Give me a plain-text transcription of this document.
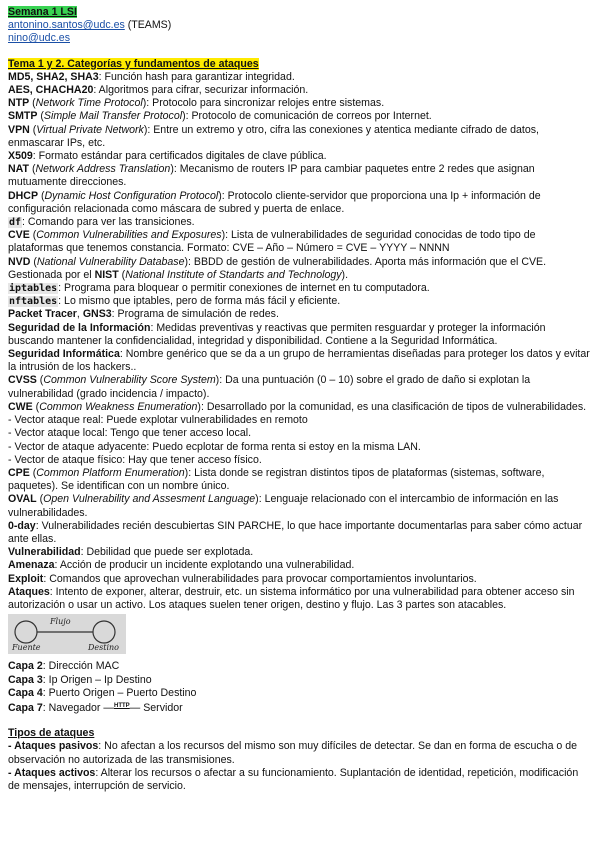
Semana 1 LSI

antonino.santos@udc.es (TEAMS)

nino@udc.es

Tema 1 y 2. Categorías y fundamentos de ataques

MD5, SHA2, SHA3: Función hash para garantizar integridad.

AES, CHACHA20: Algoritmos para cifrar, securizar información.

NTP (Network Time Protocol): Protocolo para sincronizar relojes entre sistemas.

SMTP (Simple Mail Transfer Protocol): Protocolo de comunicación de correos por Internet.

VPN (Virtual Private Network): Entre un extremo y otro, cifra las conexiones y atentica mediante cifrado de datos, enmascarar IPs, etc.

X509: Formato estándar para certificados digitales de clave pública.

NAT (Network Address Translation): Mecanismo de routers IP para cambiar paquetes entre 2 redes que asignan mutuamente direcciones.

DHCP (Dynamic Host Configuration Protocol): Protocolo cliente-servidor que proporciona una Ip + información de configuración relacionada como máscara de subred y puerta de enlace.

df: Comando para ver las transiciones.

CVE (Common Vulnerabilities and Exposures): Lista de vulnerabilidades de seguridad conocidas de todo tipo de plataformas que tenemos constancia. Formato: CVE – Año – Número = CVE – YYYY – NNNN

NVD (National Vulnerability Database): BBDD de gestión de vulnerabilidades. Aporta más información que el CVE. Gestionada por el NIST (National Institute of Standarts and Technology).

iptables: Programa para bloquear o permitir conexiones de internet en tu computadora.

nftables: Lo mismo que iptables, pero de forma más fácil y eficiente.

Packet Tracer, GNS3: Programa de simulación de redes.

Seguridad de la Información: Medidas preventivas y reactivas que permiten resguardar y proteger la información buscando mantener la confidencialidad, integridad y disponibilidad. Contiene a la Seguridad Informática.

Seguridad Informática: Nombre genérico que se da a un grupo de herramientas diseñadas para proteger los datos y evitar la intrusión de los hackers..

CVSS (Common Vulnerability Score System): Da una puntuación (0 – 10) sobre el grado de daño si explotan la vulnerabilidad (grado incidencia / impacto).

CWE (Common Weakness Enumeration): Desarrollado por la comunidad, es una clasificación de tipos de vulnerabilidades.

- Vector ataque real: Puede explotar vulnerabilidades en remoto

- Vector ataque local: Tengo que tener acceso local.

- Vector de ataque adyacente: Puedo ecplotar de forma renta si estoy en la misma LAN.

- Vector de ataque físico: Hay que tener acceso físico.

CPE (Common Platform Enumeration): Lista donde se registran distintos tipos de plataformas (sistemas, software, paquetes). Se identifican con un nombre único.

OVAL (Open Vulnerability and Assesment Language): Lenguaje relacionado con el intercambio de información en las vulnerabilidades.

0-day: Vulnerabilidades recién descubiertas SIN PARCHE, lo que hace importante documentarlas para saber cómo actuar ante ellas.

Vulnerabilidad: Debilidad que puede ser explotada.

Amenaza: Acción de producir un incidente explotando una vulnerabilidad.

Exploit: Comandos que aprovechan vulnerabilidades para provocar comportamientos involuntarios.

Ataques: Intento de exponer, alterar, destruir, etc. un sistema informático por una vulnerabilidad para obtener acceso sin autorización o usar un activo. Los ataques suelen tener origen, destino y flujo. Las 3 partes son atacables.

Fuente
Flujo
Destino

Capa 2: Dirección MAC

Capa 3: Ip Origen – Ip Destino

Capa 4: Puerto Origen – Puerto Destino

Capa 7: Navegador —$^{HTTP}$— Servidor

Tipos de ataques

- Ataques pasivos: No afectan a los recursos del mismo son muy difíciles de detectar. Se dan en forma de escucha o de observación no autorizada de las transmisiones.

- Ataques activos: Alterar los recursos o afectar a su funcionamiento. Suplantación de identidad, repetición, modificación de mensajes, interrupción de servicio.
